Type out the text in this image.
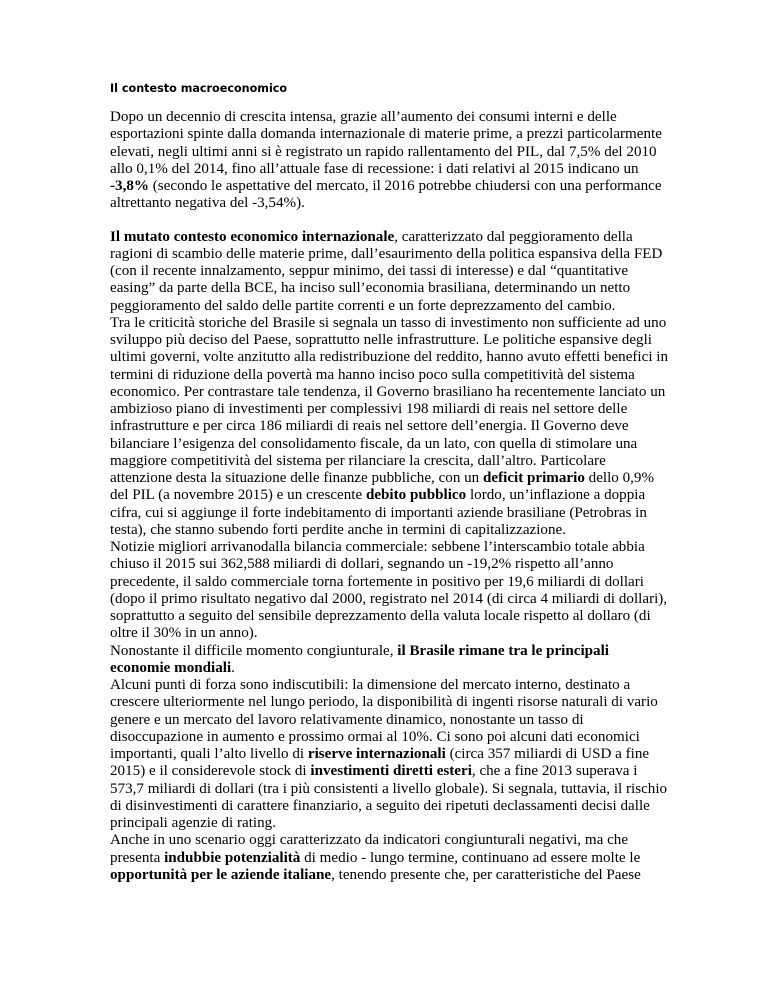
Il contesto macroeconomico

Dopo un decennio di crescita intensa, grazie all’aumento dei consumi interni e delle esportazioni spinte dalla domanda internazionale di materie prime, a prezzi particolarmente elevati, negli ultimi anni si è registrato un rapido rallentamento del PIL, dal 7,5% del 2010 allo 0,1% del 2014, fino all’attuale fase di recessione: i dati relativi al 2015 indicano un -3,8% (secondo le aspettative del mercato, il 2016 potrebbe chiudersi con una performance altrettanto negativa del -3,54%).

Il mutato contesto economico internazionale, caratterizzato dal peggioramento della ragioni di scambio delle materie prime, dall’esaurimento della politica espansiva della FED (con il recente innalzamento, seppur minimo, dei tassi di interesse) e dal “quantitative easing” da parte della BCE, ha inciso sull’economia brasiliana, determinando un netto peggioramento del saldo delle partite correnti e un forte deprezzamento del cambio.

Tra le criticità storiche del Brasile si segnala un tasso di investimento non sufficiente ad uno sviluppo più deciso del Paese, soprattutto nelle infrastrutture. Le politiche espansive degli ultimi governi, volte anzitutto alla redistribuzione del reddito, hanno avuto effetti benefici in termini di riduzione della povertà ma hanno inciso poco sulla competitività del sistema economico. Per contrastare tale tendenza, il Governo brasiliano ha recentemente lanciato un ambizioso piano di investimenti per complessivi 198 miliardi di reais nel settore delle infrastrutture e per circa 186 miliardi di reais nel settore dell’energia. Il Governo deve bilanciare l’esigenza del consolidamento fiscale, da un lato, con quella di stimolare una maggiore competitività del sistema per rilanciare la crescita, dall’altro. Particolare attenzione desta la situazione delle finanze pubbliche, con un deficit primario dello 0,9% del PIL (a novembre 2015) e un crescente debito pubblico lordo, un’inflazione a doppia cifra, cui si aggiunge il forte indebitamento di importanti aziende brasiliane (Petrobras in testa), che stanno subendo forti perdite anche in termini di capitalizzazione.

Notizie migliori arrivanodalla bilancia commerciale: sebbene l’interscambio totale abbia chiuso il 2015 sui 362,588 miliardi di dollari, segnando un -19,2% rispetto all’anno precedente, il saldo commerciale torna fortemente in positivo per 19,6 miliardi di dollari (dopo il primo risultato negativo dal 2000, registrato nel 2014 (di circa 4 miliardi di dollari), soprattutto a seguito del sensibile deprezzamento della valuta locale rispetto al dollaro (di oltre il 30% in un anno).

Nonostante il difficile momento congiunturale, il Brasile rimane tra le principali economie mondiali.

Alcuni punti di forza sono indiscutibili: la dimensione del mercato interno, destinato a crescere ulteriormente nel lungo periodo, la disponibilità di ingenti risorse naturali di vario genere e un mercato del lavoro relativamente dinamico, nonostante un tasso di disoccupazione in aumento e prossimo ormai al 10%. Ci sono poi alcuni dati economici importanti, quali l’alto livello di riserve internazionali (circa 357 miliardi di USD a fine 2015) e il considerevole stock di investimenti diretti esteri, che a fine 2013 superava i 573,7 miliardi di dollari (tra i più consistenti a livello globale). Si segnala, tuttavia, il rischio di disinvestimenti di carattere finanziario, a seguito dei ripetuti declassamenti decisi dalle principali agenzie di rating.

Anche in uno scenario oggi caratterizzato da indicatori congiunturali negativi, ma che presenta indubbie potenzialità di medio - lungo termine, continuano ad essere molte le opportunità per le aziende italiane, tenendo presente che, per caratteristiche del Paese
